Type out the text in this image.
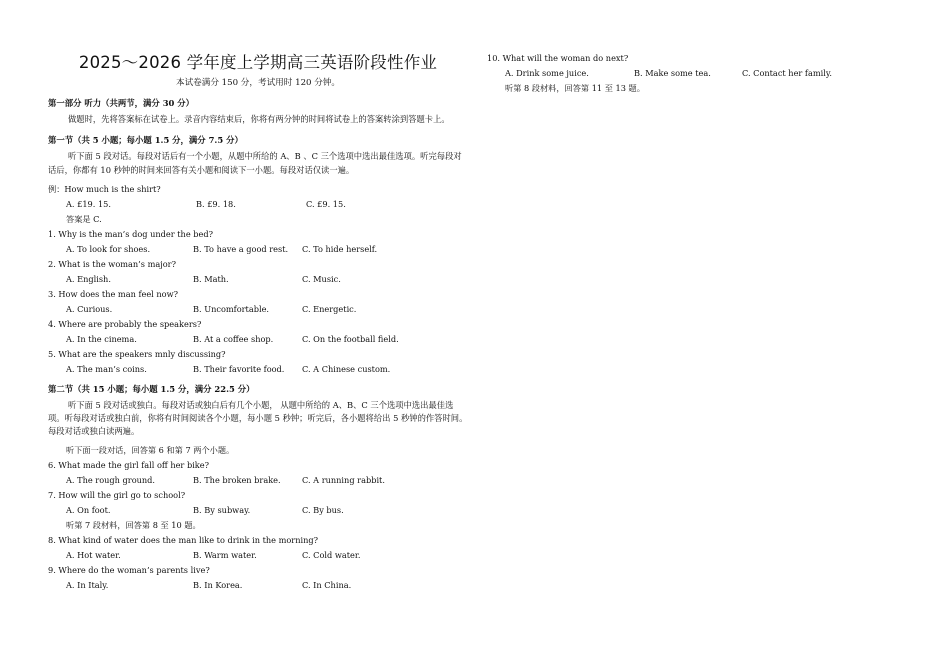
2025～2026 学年度上学期高三英语阶段性作业
本试卷满分 150 分，考试用时 120 分钟。
第一部分 听力（共两节，满分 30 分）
做题时，先将答案标在试卷上。录音内容结束后，你将有两分钟的时间将试卷上的答案转涂到答题卡上。
第一节（共 5 小题；每小题 1.5 分，满分 7.5 分）
听下面 5 段对话。每段对话后有一个小题，从题中所给的 A、B 、C 三个选项中选出最佳选项。听完每段对话后，你都有 10 秒钟的时间来回答有关小题和阅读下一小题。每段对话仅读一遍。
例：How much is the shirt?
A. £19. 15.	B. £9. 18.	C. £9. 15.
答案是 C.
1. Why is the man’s dog under the bed?
A. To look for shoes.	B. To have a good rest.	C. To hide herself.
2. What is the woman’s major?
A. English.	B. Math.	C. Music.
3. How does the man feel now?
A. Curious.	B. Uncomfortable.	C. Energetic.
4. Where are probably the speakers?
A. In the cinema.	B. At a coffee shop.	C. On the football field.
5. What are the speakers mnly discussing?
A. The man’s coins.	B. Their favorite food.	C. A Chinese custom.
第二节（共 15 小题；每小题 1.5 分，满分 22.5 分）
听下面 5 段对话或独白。每段对话或独白后有几个小题， 从题中所给的 A、B、C 三个选项中选出最佳选项。听每段对话或独白前，你将有时间阅读各个小题，每小题 5 秒钟；听完后，各小题将给出 5 秒钟的作答时间。每段对话或独白读两遍。
听下面一段对话，回答第 6 和第 7 两个小题。
6. What made the girl fall off her bike?
A. The rough ground.	B. The broken brake.	C. A running rabbit.
7. How will the girl go to school?
A. On foot.	B. By subway.	C. By bus.
听第 7 段材料，回答第 8 至 10 题。
8. What kind of water does the man like to drink in the morning?
A. Hot water.	B. Warm water.	C. Cold water.
9. Where do the woman’s parents live?
A. In Italy.	B. In Korea.	C. In China.
10. What will the woman do next?
A. Drink some juice.	B. Make some tea.	C. Contact her family.
听第 8 段材料，回答第 11 至 13 题。
